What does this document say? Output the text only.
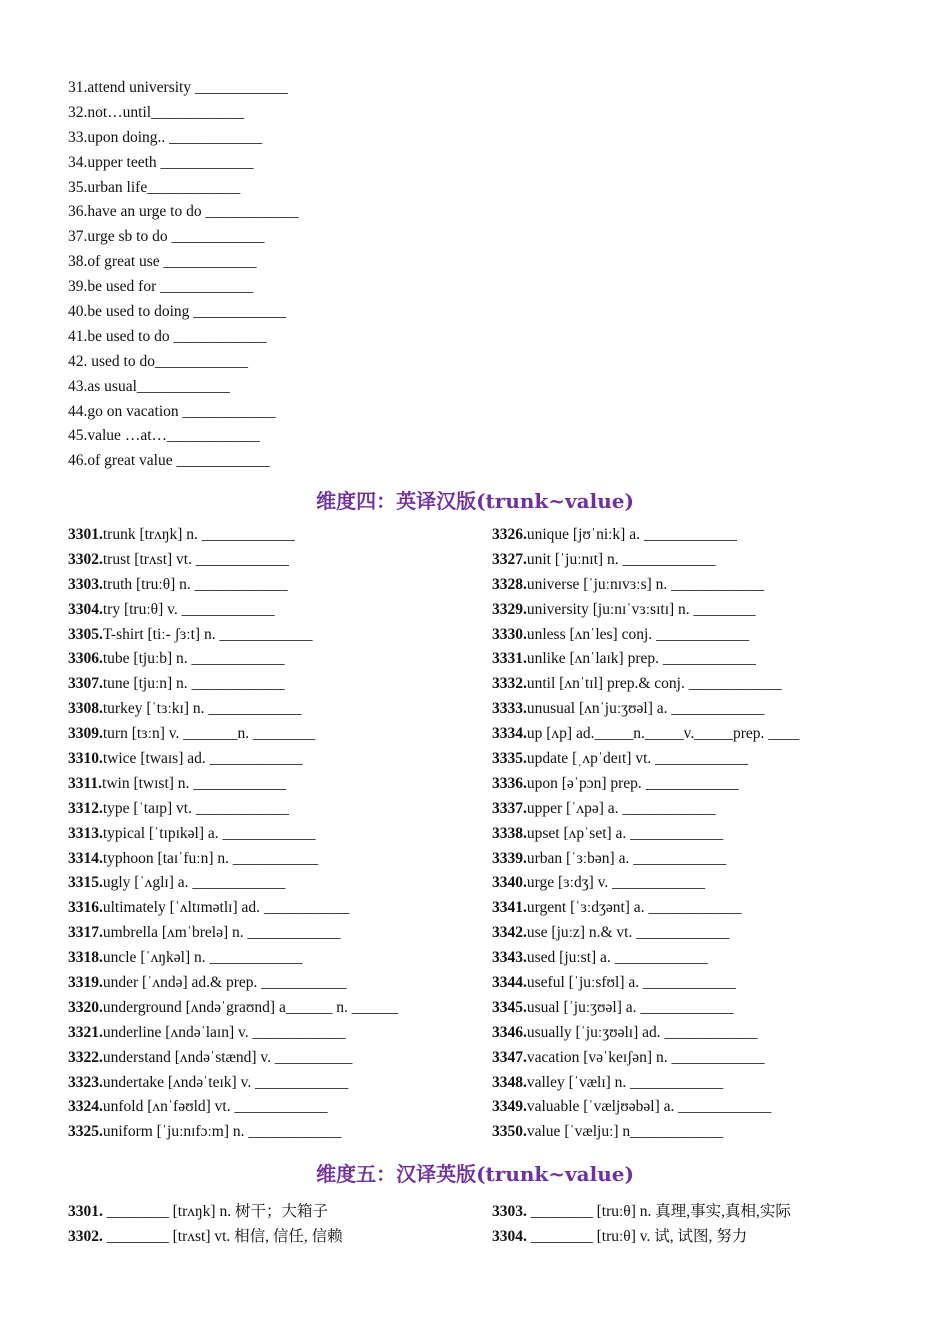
31.attend university ____________
32.not…until____________
33.upon doing.. ____________
34.upper teeth ____________
35.urban life____________
36.have an urge to do ____________
37.urge sb to do ____________
38.of great use ____________
39.be used for ____________
40.be used to doing ____________
41.be used to do ____________
42. used to do____________
43.as usual____________
44.go on vacation ____________
45.value …at…____________
46.of great value ____________
维度四：英译汉版(trunk~value)
3301.trunk [trʌŋk] n. ____________
3302.trust [trʌst] vt. ____________
3303.truth [truːθ] n. ____________
3304.try [truːθ] v. ____________
3305.T-shirt [tiː- ʃɜːt] n. ____________
3306.tube [tjuːb] n. ____________
3307.tune [tjuːn] n. ____________
3308.turkey [ˈtɜːkɪ] n. ____________
3309.turn [tɜːn] v. _______n. ________
3310.twice [twaɪs] ad. ____________
3311.twin [twɪst] n. ____________
3312.type [ˈtaɪp] vt. ____________
3313.typical [ˈtɪpɪkəl] a. ____________
3314.typhoon [taɪˈfuːn] n. ___________
3315.ugly [ˈʌglɪ] a. ____________
3316.ultimately [ˈʌltɪmətlɪ] ad. ___________
3317.umbrella [ʌmˈbrelə] n. ____________
3318.uncle [ˈʌŋkəl] n. ____________
3319.under [ˈʌndə] ad.& prep. ___________
3320.underground [ʌndəˈgraʊnd] a______ n. ______
3321.underline [ʌndəˈlaɪn] v. ____________
3322.understand [ʌndəˈstænd] v. __________
3323.undertake [ʌndəˈteɪk] v. ____________
3324.unfold [ʌnˈfəʊld] vt. ____________
3325.uniform [ˈjuːnɪfɔːm] n. ____________
3326.unique [jʊˈniːk] a. ____________
3327.unit [ˈjuːnɪt] n. ____________
3328.universe [ˈjuːnɪvɜːs] n. ____________
3329.university [juːnɪˈvɜːsɪtɪ] n. ________
3330.unless [ʌnˈles] conj. ____________
3331.unlike [ʌnˈlaɪk] prep. ____________
3332.until [ʌnˈtɪl] prep.& conj. ____________
3333.unusual [ʌnˈjuːʒʊəl] a. ____________
3334.up [ʌp] ad._____n._____v._____prep. ____
3335.update [ˌʌpˈdeɪt] vt. ____________
3336.upon [əˈpɔn] prep. ____________
3337.upper [ˈʌpə] a. ____________
3338.upset [ʌpˈset] a. ____________
3339.urban [ˈɜːbən] a. ____________
3340.urge [ɜːdʒ] v. ____________
3341.urgent [ˈɜːdʒənt] a. ____________
3342.use [juːz] n.& vt. ____________
3343.used [juːst] a. ____________
3344.useful [ˈjuːsfʊl] a. ____________
3345.usual [ˈjuːʒʊəl] a. ____________
3346.usually [ˈjuːʒʊəlɪ] ad. ____________
3347.vacation [vəˈkeɪʃən] n. ____________
3348.valley [ˈvælɪ] n. ____________
3349.valuable [ˈvæljʊəbəl] a. ____________
3350.value [ˈvæljuː] n____________
维度五：汉译英版(trunk~value)
3301. ________ [trʌŋk] n. 树干；大箱子
3302. ________ [trʌst] vt. 相信, 信任, 信赖
3303. ________ [truːθ] n. 真理,事实,真相,实际
3304. ________ [truːθ] v. 试, 试图, 努力
